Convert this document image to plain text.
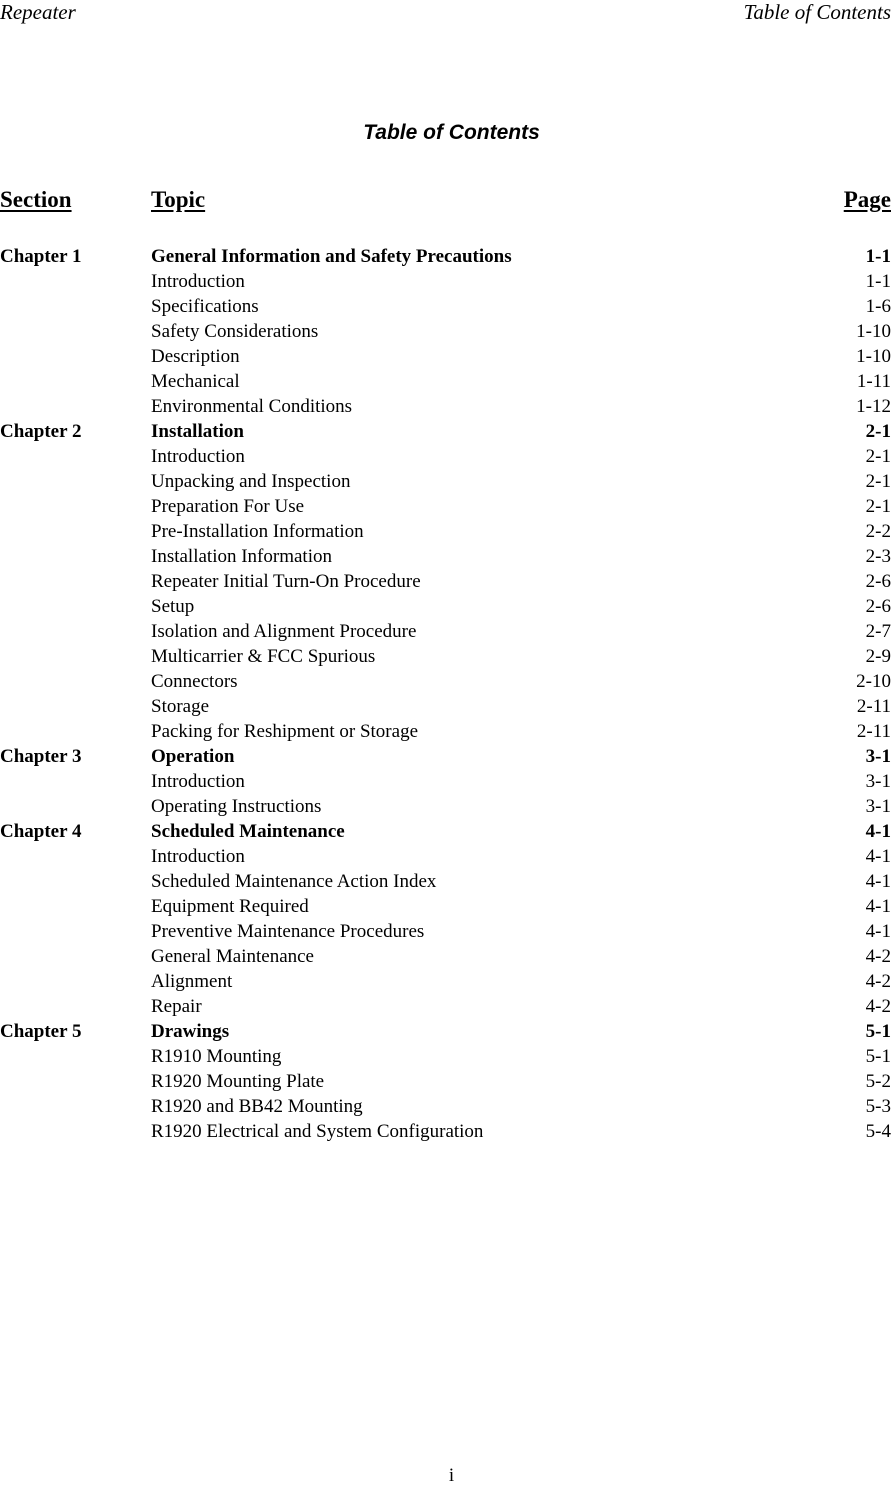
Repeater	Table of Contents
Table of Contents
Section	Topic	Page
Chapter 1	General Information and Safety Precautions	1-1
Introduction	1-1
Specifications	1-6
Safety Considerations	1-10
Description	1-10
Mechanical	1-11
Environmental Conditions	1-12
Chapter 2	Installation	2-1
Introduction	2-1
Unpacking and Inspection	2-1
Preparation For Use	2-1
Pre-Installation Information	2-2
Installation Information	2-3
Repeater Initial Turn-On Procedure	2-6
Setup	2-6
Isolation and Alignment Procedure	2-7
Multicarrier & FCC Spurious	2-9
Connectors	2-10
Storage	2-11
Packing for Reshipment or Storage	2-11
Chapter 3	Operation	3-1
Introduction	3-1
Operating Instructions	3-1
Chapter 4	Scheduled Maintenance	4-1
Introduction	4-1
Scheduled Maintenance Action Index	4-1
Equipment Required	4-1
Preventive Maintenance Procedures	4-1
General Maintenance	4-2
Alignment	4-2
Repair	4-2
Chapter 5	Drawings	5-1
R1910 Mounting	5-1
R1920 Mounting Plate	5-2
R1920 and BB42 Mounting	5-3
R1920 Electrical and System Configuration	5-4
i
